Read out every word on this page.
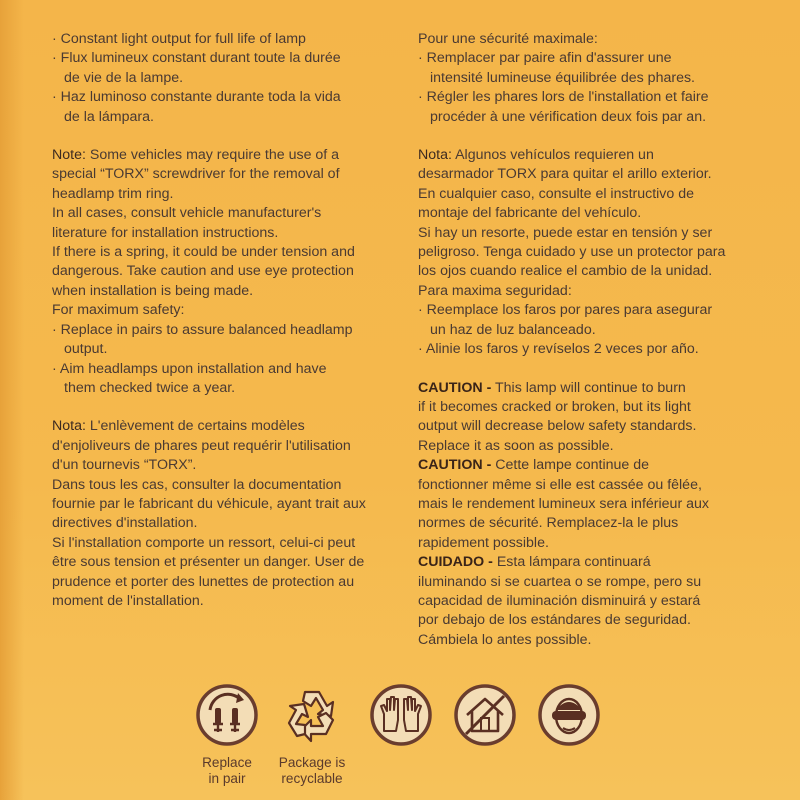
· Constant light output for full life of lamp
· Flux lumineux constant durant toute la durée
de vie de la lampe.
· Haz luminoso constante durante toda la vida
de la lámpara.
Note: Some vehicles may require the use of a
special “TORX” screwdriver for the removal of
headlamp trim ring.
In all cases, consult vehicle manufacturer's
literature for installation instructions.
If there is a spring, it could be under tension and
dangerous. Take caution and use eye protection
when installation is being made.
For maximum safety:
· Replace in pairs to assure balanced headlamp
output.
· Aim headlamps upon installation and have
them checked twice a year.
Nota: L'enlèvement de certains modèles
d'enjoliveurs de phares peut requérir l'utilisation
d'un tournevis “TORX”.
Dans tous les cas, consulter la documentation
fournie par le fabricant du véhicule, ayant trait aux
directives d'installation.
Si l'installation comporte un ressort, celui-ci peut
être sous tension et présenter un danger. User de
prudence et porter des lunettes de protection au
moment de l'installation.
Pour une sécurité maximale:
· Remplacer par paire afin d'assurer une
intensité lumineuse équilibrée des phares.
· Régler les phares lors de l'installation et faire
procéder à une vérification deux fois par an.
Nota: Algunos vehículos requieren un
desarmador TORX para quitar el arillo exterior.
En cualquier caso, consulte el instructivo de
montaje del fabricante del vehículo.
Si hay un resorte, puede estar en tensión y ser
peligroso. Tenga cuidado y use un protector para
los ojos cuando realice el cambio de la unidad.
Para maxima seguridad:
· Reemplace los faros por pares para asegurar
un haz de luz balanceado.
· Alinie los faros y revíselos 2 veces por año.
CAUTION - This lamp will continue to burn
if it becomes cracked or broken, but its light
output will decrease below safety standards.
Replace it as soon as possible.
CAUTION - Cette lampe continue de
fonctionner même si elle est cassée ou fêlée,
mais le rendement lumineux sera inférieur aux
normes de sécurité. Remplacez-la le plus
rapidement possible.
CUIDADO - Esta lámpara continuará
iluminando si se cuartea o se rompe, pero su
capacidad de iluminación disminuirá y estará
por debajo de los estándares de seguridad.
Cámbiela lo antes possible.
Replace
in pair
Package is
recyclable
